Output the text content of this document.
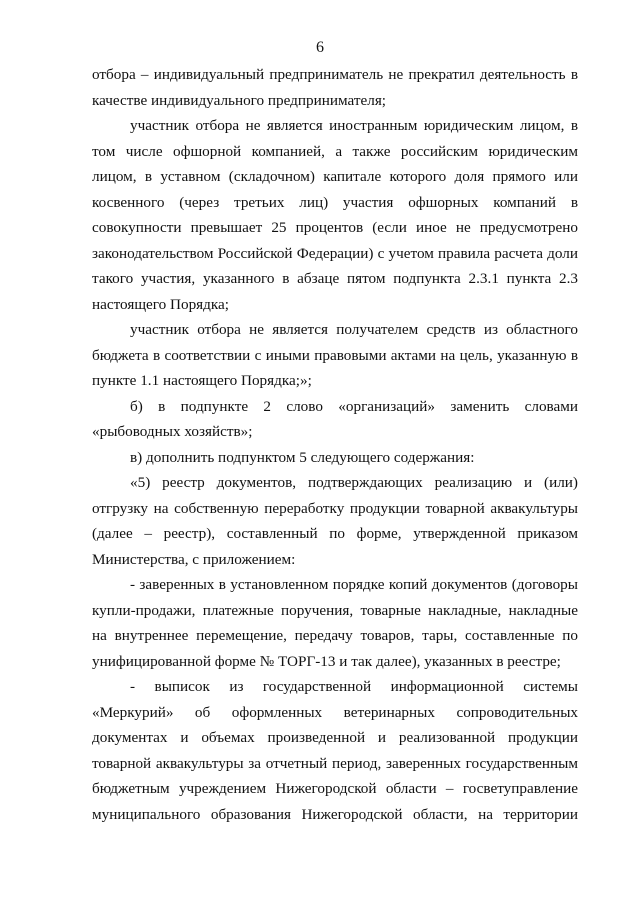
6

отбора – индивидуальный предприниматель не прекратил деятельность в качестве индивидуального предпринимателя;

участник отбора не является иностранным юридическим лицом, в том числе офшорной компанией, а также российским юридическим лицом, в уставном (складочном) капитале которого доля прямого или косвенного (через третьих лиц) участия офшорных компаний в совокупности превышает 25 процентов (если иное не предусмотрено законодательством Российской Федерации) с учетом правила расчета доли такого участия, указанного в абзаце пятом подпункта 2.3.1 пункта 2.3 настоящего Порядка;

участник отбора не является получателем средств из областного бюджета в соответствии с иными правовыми актами на цель, указанную в пункте 1.1 настоящего Порядка;»;

б) в подпункте 2 слово «организаций» заменить словами «рыбоводных хозяйств»;

в) дополнить подпунктом 5 следующего содержания:

«5) реестр документов, подтверждающих реализацию и (или) отгрузку на собственную переработку продукции товарной аквакультуры (далее – реестр), составленный по форме, утвержденной приказом Министерства, с приложением:

- заверенных в установленном порядке копий документов (договоры купли-продажи, платежные поручения, товарные накладные, накладные на внутреннее перемещение, передачу товаров, тары, составленные по унифицированной форме № ТОРГ-13 и так далее), указанных в реестре;

- выписок из государственной информационной системы «Меркурий» об оформленных ветеринарных сопроводительных документах и объемах произведенной и реализованной продукции товарной аквакультуры за отчетный период, заверенных государственным бюджетным учреждением Нижегородской области – госветуправление муниципального образования Нижегородской области, на территории
